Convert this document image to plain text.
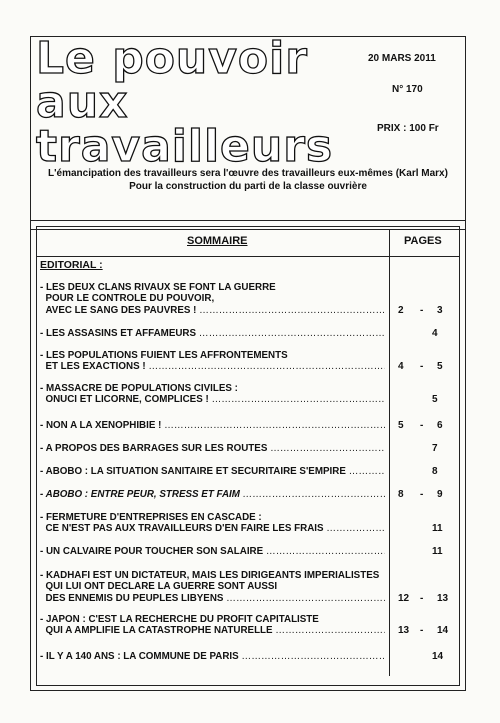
Le pouvoir
aux
travailleurs
20 MARS 2011
N° 170
PRIX : 100 Fr
L'émancipation des travailleurs sera l'œuvre des travailleurs eux-mêmes (Karl Marx)
Pour la construction du parti de la classe ouvrière
SOMMAIRE	PAGES
EDITORIAL :
- LES DEUX CLANS RIVAUX SE FONT LA GUERRE
POUR LE CONTROLE DU POUVOIR,
AVEC LE SANG DES PAUVRES ! ……………………………………………………………………………………………………	2 - 3
- LES ASSASINS ET AFFAMEURS ……………………………………………………………………………………………………	4
- LES POPULATIONS FUIENT LES AFFRONTEMENTS
ET LES EXACTIONS ! ……………………………………………………………………………………………………	4 - 5
- MASSACRE DE POPULATIONS CIVILES :
ONUCI ET LICORNE, COMPLICES ! ……………………………………………………………………………………………………	5
- NON A LA XENOPHIBIE ! ……………………………………………………………………………………………………	5 - 6
- A PROPOS DES BARRAGES SUR LES ROUTES ……………………………………………………………………………………………………	7
- ABOBO : LA SITUATION SANITAIRE ET SECURITAIRE S'EMPIRE ……………………………………………………………………………………………………	8
- ABOBO : ENTRE PEUR, STRESS ET FAIM ……………………………………………………………………………………………………	8 - 9
- FERMETURE D'ENTREPRISES EN CASCADE :
CE N'EST PAS AUX TRAVAILLEURS D'EN FAIRE LES FRAIS ……………………………………………………………………………………………………	11
- UN CALVAIRE POUR TOUCHER SON SALAIRE ……………………………………………………………………………………………………	11
- KADHAFI EST UN DICTATEUR, MAIS LES DIRIGEANTS IMPERIALISTES
QUI LUI ONT DECLARE LA GUERRE SONT AUSSI
DES ENNEMIS DU PEUPLES LIBYENS ……………………………………………………………………………………………………	12 - 13
- JAPON : C'EST LA RECHERCHE DU PROFIT CAPITALISTE
QUI A AMPLIFIE LA CATASTROPHE NATURELLE ……………………………………………………………………………………………………	13 - 14
- IL Y A 140 ANS : LA COMMUNE DE PARIS ……………………………………………………………………………………………………	14
